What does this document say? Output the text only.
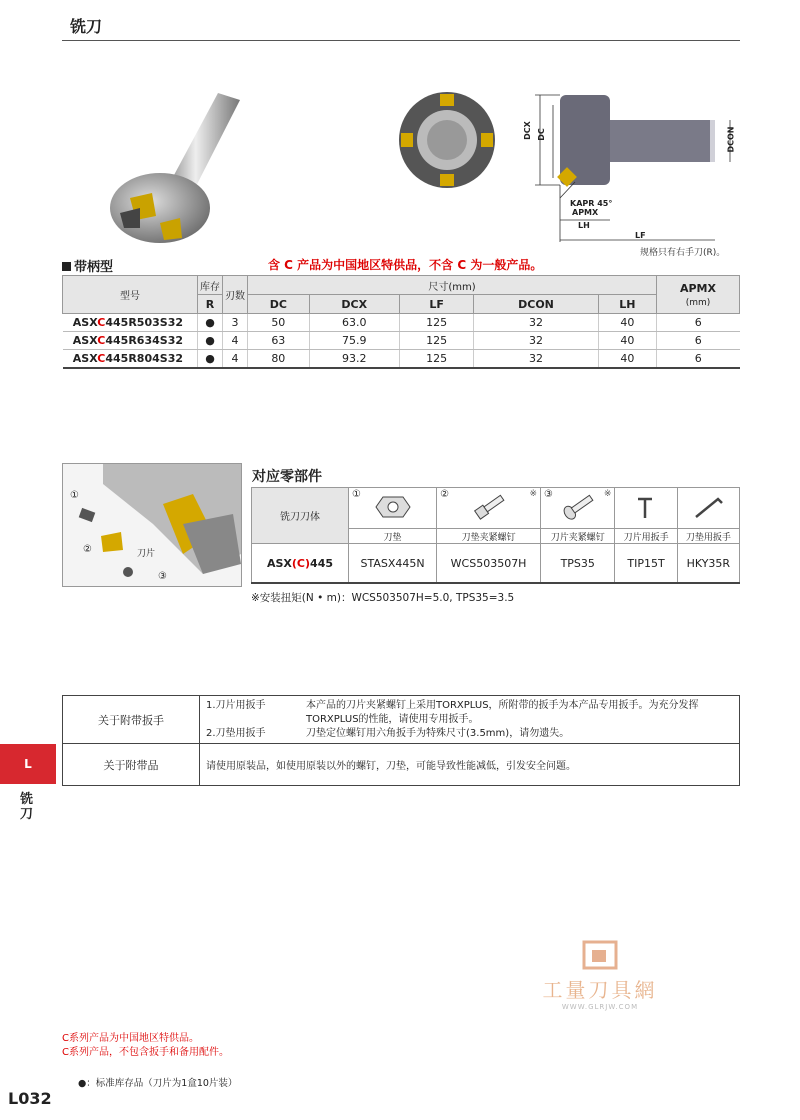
铣刀
DCX DC	DCON
KAPR 45°
APMX
LH
LF
规格只有右手刀(R)。
带柄型	含 C 产品为中国地区特供品，不含 C 为一般产品。
型号	库存	刃数	尺寸(mm)					APMX
(mm)
	R		DC	DCX	LF	DCON	LH	
ASXC445R503S32	●	3	50	63.0	125	32	40	6
ASXC445R634S32	●	4	63	75.9	125	32	40	6
ASXC445R804S32	●	4	80	93.2	125	32	40	6
①
②
③
刀片
对应零部件
铣刀刀体	①	② ※	③ ※

	刀垫	刀垫夹紧螺钉	刀片夹紧螺钉	刀片用扳手	刀垫用扳手
ASX(C)445	STASX445N	WCS503507H	TPS35	TIP15T	HKY35R
※安装扭矩(N • m)：WCS503507H=5.0, TPS35=3.5
关于附带扳手	1.刀片用扳手 本产品的刀片夹紧螺钉上采用TORXPLUS，所附带的扳手为本产品专用扳手。为充分发挥
TORXPLUS的性能，请使用专用扳手。
2.刀垫用扳手 刀垫定位螺钉用六角扳手为特殊尺寸(3.5mm)，请勿遗失。

关于附带品	请使用原装品，如使用原装以外的螺钉，刀垫，可能导致性能减低，引发安全问题。
L
铣刀
工量刀具網
WWW.GLRJW.COM
C系列产品为中国地区特供品。
C系列产品，不包含扳手和备用配件。
●：标准库存品（刀片为1盒10片装）
L032
